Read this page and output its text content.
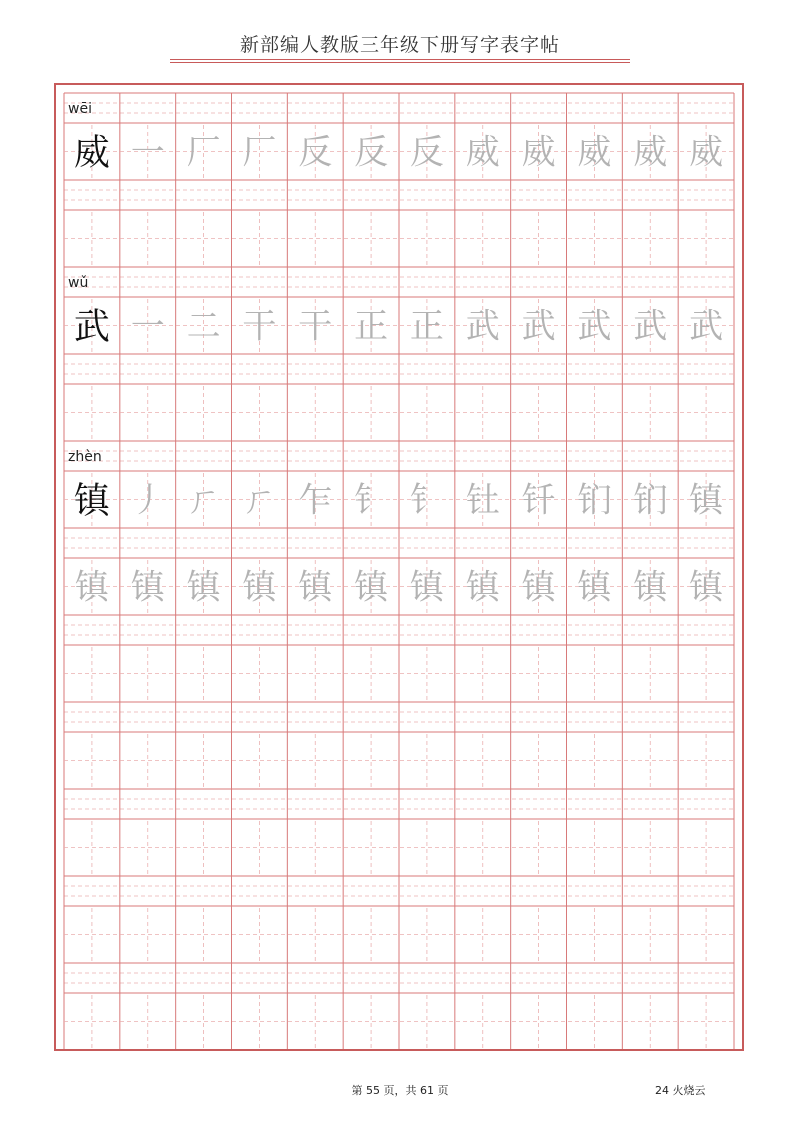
新部编人教版三年级下册写字表字帖
wēi
威 一 厂 厂 反 反 反 威 威 威 威 威
wǔ
武 一 二 干 干 正 正 武 武 武 武 武
zhèn
镇 丿 ㄏ ㄏ 乍 钅 钅 钍 钎 钔 钔 镇
镇 镇 镇 镇 镇 镇 镇 镇 镇 镇 镇 镇
第 55 页，共 61 页	24 火烧云
